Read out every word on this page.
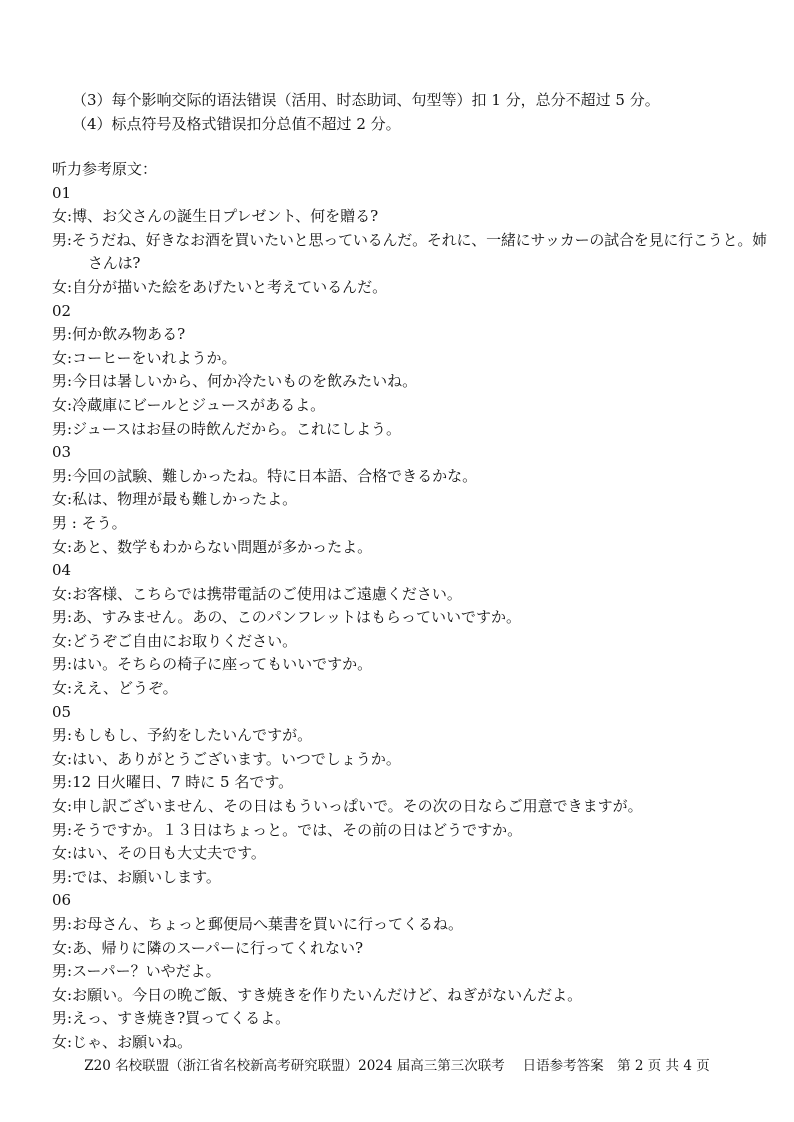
（3）每个影响交际的语法错误（活用、时态助词、句型等）扣 1 分，总分不超过 5 分。
（4）标点符号及格式错误扣分总值不超过 2 分。
听力参考原文：
01
女:博、お父さんの誕生日プレゼント、何を贈る?
男:そうだね、好きなお酒を買いたいと思っているんだ。それに、一緒にサッカーの試合を見に行こうと。姉さんは?
女:自分が描いた絵をあげたいと考えているんだ。
02
男:何か飲み物ある?
女:コーヒーをいれようか。
男:今日は暑しいから、何か冷たいものを飲みたいね。
女:冷蔵庫にビールとジュースがあるよ。
男:ジュースはお昼の時飲んだから。これにしよう。
03
男:今回の試験、難しかったね。特に日本語、合格できるかな。
女:私は、物理が最も難しかったよ。
男 : そう。
女:あと、数学もわからない問題が多かったよ。
04
女:お客様、こちらでは携帯電話のご使用はご遠慮ください。
男:あ、すみません。あの、このパンフレットはもらっていいですか。
女:どうぞご自由にお取りください。
男:はい。そちらの椅子に座ってもいいですか。
女:ええ、どうぞ。
05
男:もしもし、予約をしたいんですが。
女:はい、ありがとうございます。いつでしょうか。
男:12 日火曜日、7 時に 5 名です。
女:申し訳ございません、その日はもういっぱいで。その次の日ならご用意できますが。
男:そうですか。１３日はちょっと。では、その前の日はどうですか。
女:はい、その日も大丈夫です。
男:では、お願いします。
06
男:お母さん、ちょっと郵便局へ葉書を買いに行ってくるね。
女:あ、帰りに隣のスーパーに行ってくれない?
男:スーパー？いやだよ。
女:お願い。今日の晩ご飯、すき焼きを作りたいんだけど、ねぎがないんだよ。
男:えっ、すき焼き?買ってくるよ。
女:じゃ、お願いね。
Z20 名校联盟（浙江省名校新高考研究联盟）2024 届高三第三次联考　 日语参考答案　第 2 页 共 4 页
